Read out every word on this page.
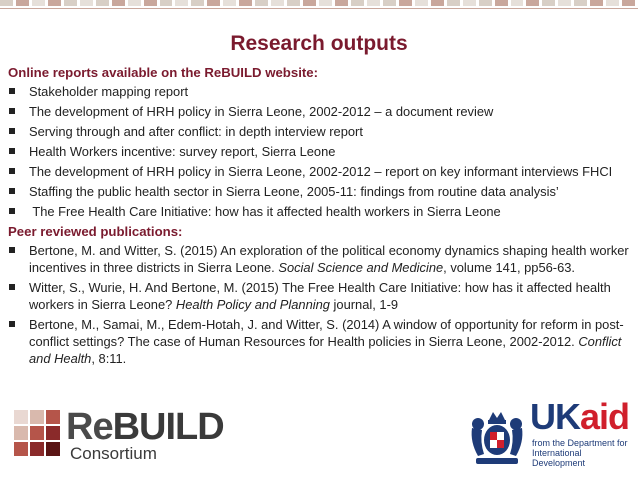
Research outputs
Online reports available on the ReBUILD website:
Stakeholder mapping report
The development of HRH policy in Sierra Leone, 2002-2012 – a document review
Serving through and after conflict: in depth interview report
Health Workers incentive: survey report, Sierra Leone
The development of HRH policy in Sierra Leone, 2002-2012 – report on key informant interviews FHCI
Staffing the public health sector in Sierra Leone, 2005-11: findings from routine data analysis’
The Free Health Care Initiative: how has it affected health workers in Sierra Leone
Peer reviewed publications:
Bertone, M. and Witter, S. (2015) An exploration of the political economy dynamics shaping health worker incentives in three districts in Sierra Leone. Social Science and Medicine, volume 141, pp56-63.
Witter, S., Wurie, H. And Bertone, M. (2015) The Free Health Care Initiative: how has it affected health workers in Sierra Leone? Health Policy and Planning journal, 1-9
Bertone, M., Samai, M., Edem-Hotah, J. and Witter, S. (2014) A window of opportunity for reform in post-conflict settings? The case of Human Resources for Health policies in Sierra Leone, 2002-2012. Conflict and Health, 8:11.
ReBUILD
Consortium
UKaid
from the Department for International Development
